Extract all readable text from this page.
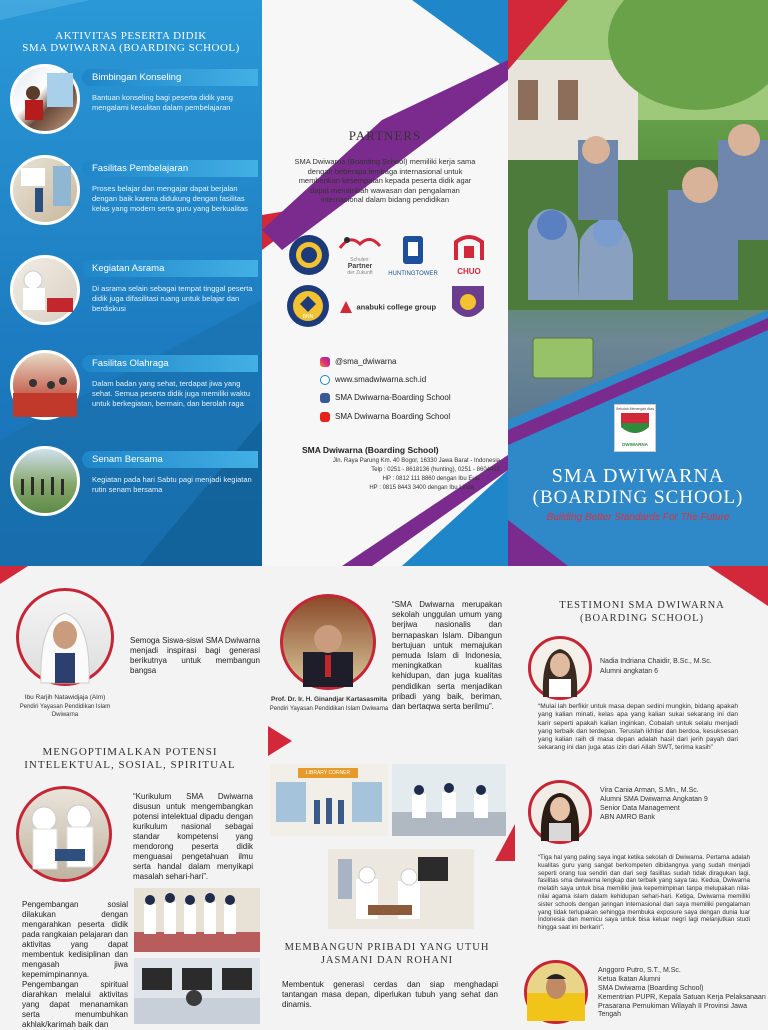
AKTIVITAS PESERTA DIDIK
SMA DWIWARNA (BOARDING SCHOOL)
Bimbingan Konseling
Bantuan konseling bagi peserta didik yang mengalami kesulitan dalam pembelajaran
Fasilitas Pembelajaran
Proses belajar dan mengajar dapat berjalan dengan baik karena didukung dengan fasilitas kelas yang modern serta guru yang berkualitas
Kegiatan Asrama
Di asrama selain sebagai tempat tinggal peserta didik juga difasilitasi ruang untuk belajar dan berdiskusi
Fasilitas Olahraga
Dalam badan yang sehat, terdapat jiwa yang sehat. Semua peserta didik juga memiliki waktu untuk berkegiatan, bermain, dan berolah raga
Senam Bersama
Kegiatan pada hari Sabtu pagi menjadi kegiatan rutin senam bersama
PARTNERS
SMA Dwiwarna (Boarding School) memiliki kerja sama dengan beberapa lembaga internasional untuk memberikan kesempatan kepada peserta didik agar dapat menambah wawasan dan pengalaman internasional dalam bidang pendidikan
Schulen:
Partner
der Zukunft	HUNTINGTOWER	CHUO
BNN
anabuki college group
@sma_dwiwarna
www.smadwiwarna.sch.id
SMA Dwiwarna-Boarding School
SMA Dwiwarna Boarding School
SMA Dwiwarna (Boarding School)
Jln. Raya Parung Km. 40 Bogor, 16330 Jawa Barat - Indonesia
Telp : 0251 - 8618136 (hunting), 0251 - 8604415
HP : 0812 111 8860 dengan Ibu Euis
HP : 0815 8443 3400 dengan Ibu Linda
Sekolah Menengah Atas
DWIWARNA
SMA DWIWARNA
(BOARDING SCHOOL)
Building Better Standards For The Future
Ibu Rarjih Natawidjaja (Alm)
Pendiri Yayasan Pendidikan Islam Dwiwarna
Semoga Siswa-siswi SMA Dwiwarna menjadi inspirasi bagi generasi berikutnya untuk membangun bangsa
Prof. Dr. Ir. H. Ginandjar Kartasasmita
Pendiri Yayasan Pendidikan Islam Dwiwarna
“SMA Dwiwarna merupakan sekolah unggulan umum yang berjiwa nasionalis dan bernapaskan Islam. Dibangun bertujuan untuk memajukan pemuda Islam di Indonesia, meningkatkan kualitas kehidupan, dan juga kualitas pendidikan serta menjadikan pribadi yang baik, beriman, dan bertaqwa serta berilmu”.
MENGOPTIMALKAN POTENSI
INTELEKTUAL, SOSIAL, SPIRITUAL
“Kurikulum SMA Dwiwarna disusun untuk mengembangkan potensi intelektual dipadu dengan kurikulum nasional sebagai standar kompetensi yang mendorong peserta didik menguasai pengetahuan ilmu serta handal dalam menyikapi masalah sehari-hari”.
Pengembangan sosial dilakukan dengan mengarahkan peserta didik pada rangkaian pelajaran dan aktivitas yang dapat membentuk kedisiplinan dan mengasah jiwa kepemimpinannya.
Pengembangan spiritual diarahkan melalui aktivitas yang dapat menanamkan serta menumbuhkan akhlak/karimah baik dan
LIBRARY CORNER
MEMBANGUN PRIBADI YANG UTUH
JASMANI DAN ROHANI
Membentuk generasi cerdas dan siap menghadapi tantangan masa depan, diperlukan tubuh yang sehat dan dinamis.
TESTIMONI SMA DWIWARNA
(BOARDING SCHOOL)
Nadia Indriana Chaidir, B.Sc., M.Sc.
Alumni angkatan 6
“Mulai lah berfikir untuk masa depan sedini mungkin, bidang apakah yang kalian minati, kelas apa yang kalian sukai sekarang ini dan karir seperti apakah kalian inginkan. Cobalah untuk selalu menjadi yang terbaik dan terdepan. Teruslah ikhtiar dan berdoa, kesuksesan yang kalian raih di masa depan adalah hasil dari jerih payah dari sekarang ini dan juga atas izin dari Allah SWT, terima kasih”
Vira Cania Arman, S.Mn., M.Sc.
Alumni SMA Dwiwarna Angkatan 9
Senior Data Management
ABN AMRO Bank
“Tiga hal yang paling saya ingat ketika sekolah di Dwiwarna. Pertama adalah kualitas guru yang sangat berkompeten dibidangnya yang sudah menjadi seperti orang tua sendiri dan dari segi fasilitas sudah tidak diragukan lagi, fasilitas sma dwiwarna lengkap dan terbaik yang saya tau. Kedua, Dwiwarna melatih saya untuk bisa memiliki jiwa kepemimpinan tanpa melupakan nilai-nilai agama islam dalam kehidupan sehari-hari. Ketiga, Dwiwarna memiliki sister schools dengan jaringan internasional dan saya memiliki pengalaman yang tidak terlupakan sehingga membuka exposure saya dengan dunia luar Indonesia dan memicu saya untuk bisa keluar negri lagi melanjutkan studi hingga saat ini berkarir”.
Anggoro Putro, S.T., M.Sc.
Ketua Ikatan Alumni
SMA Dwiwarna (Boarding School)
Kementrian PUPR, Kepala Satuan Kerja Pelaksanaan Prasarana Pemukiman Wilayah II Provinsi Jawa Tengah
